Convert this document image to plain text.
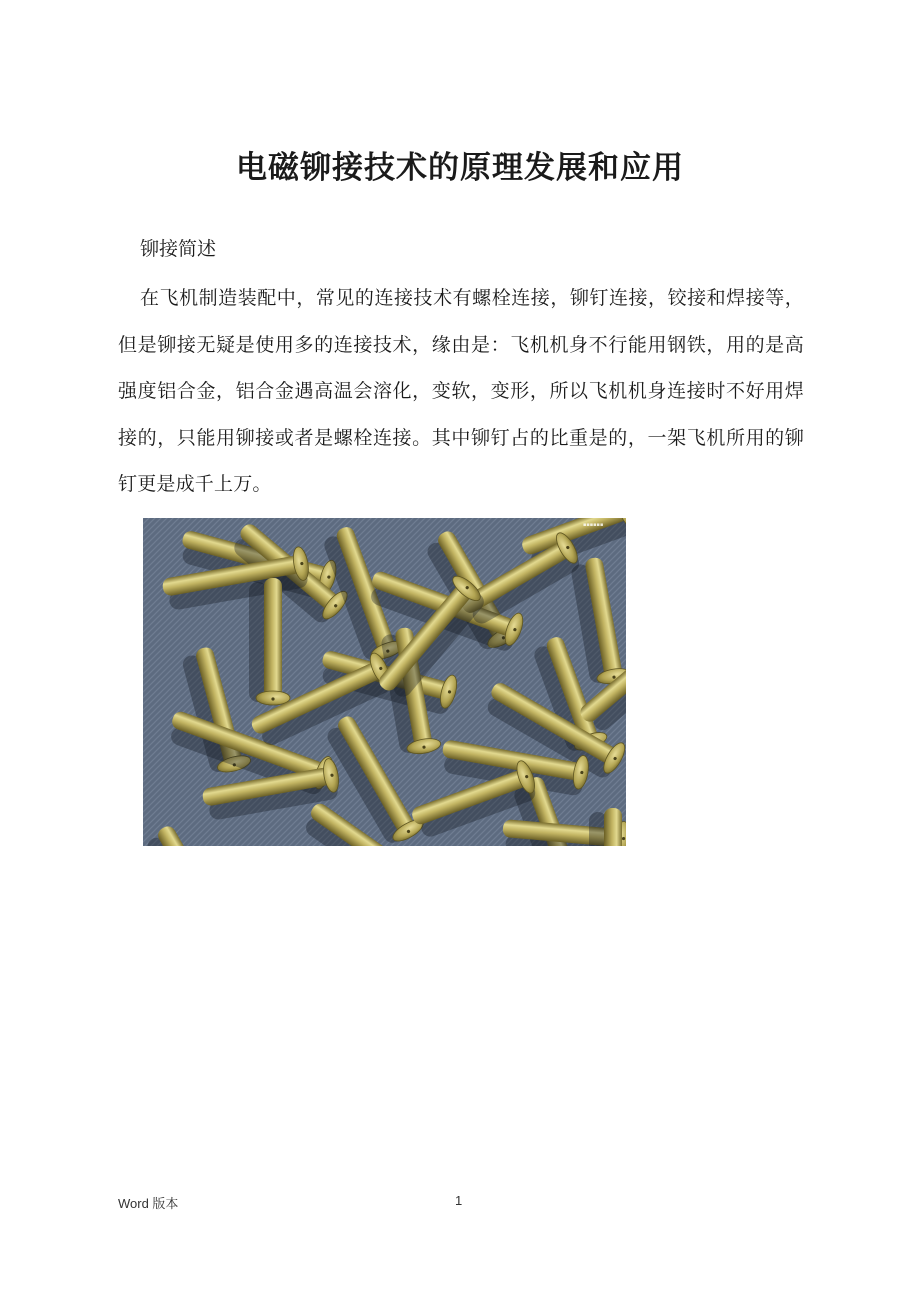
电磁铆接技术的原理发展和应用
铆接简述
在飞机制造装配中，常见的连接技术有螺栓连接，铆钉连接，铰接和焊接等，但是铆接无疑是使用多的连接技术，缘由是：飞机机身不行能用钢铁，用的是高强度铝合金，铝合金遇高温会溶化，变软，变形，所以飞机机身连接时不好用焊接的，只能用铆接或者是螺栓连接。其中铆钉占的比重是的，一架飞机所用的铆钉更是成千上万。
▪▪▪▪▪▪
Word 版本	1
